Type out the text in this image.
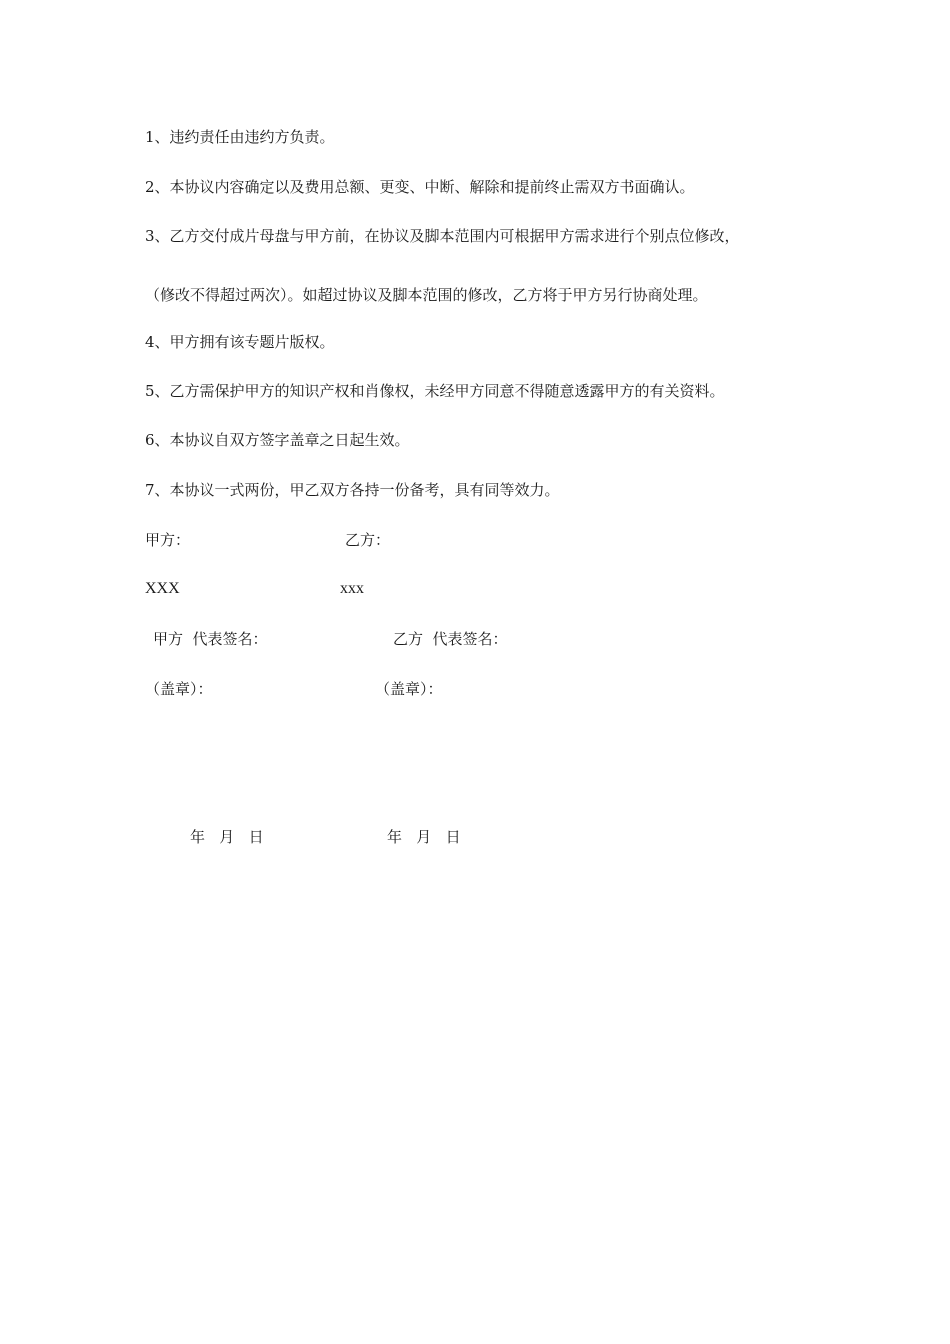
1、违约责任由违约方负责。
2、本协议内容确定以及费用总额、更变、中断、解除和提前终止需双方书面确认。
3、乙方交付成片母盘与甲方前，在协议及脚本范围内可根据甲方需求进行个别点位修改，
（修改不得超过两次）。如超过协议及脚本范围的修改，乙方将于甲方另行协商处理。
4、甲方拥有该专题片版权。
5、乙方需保护甲方的知识产权和肖像权，未经甲方同意不得随意透露甲方的有关资料。
6、本协议自双方签字盖章之日起生效。
7、本协议一式两份，甲乙双方各持一份备考，具有同等效力。
甲方：	乙方：
XXX	xxx
甲方  代表签名：	乙方  代表签名：
（盖章）：	（盖章）：
年   月   日	年   月   日
